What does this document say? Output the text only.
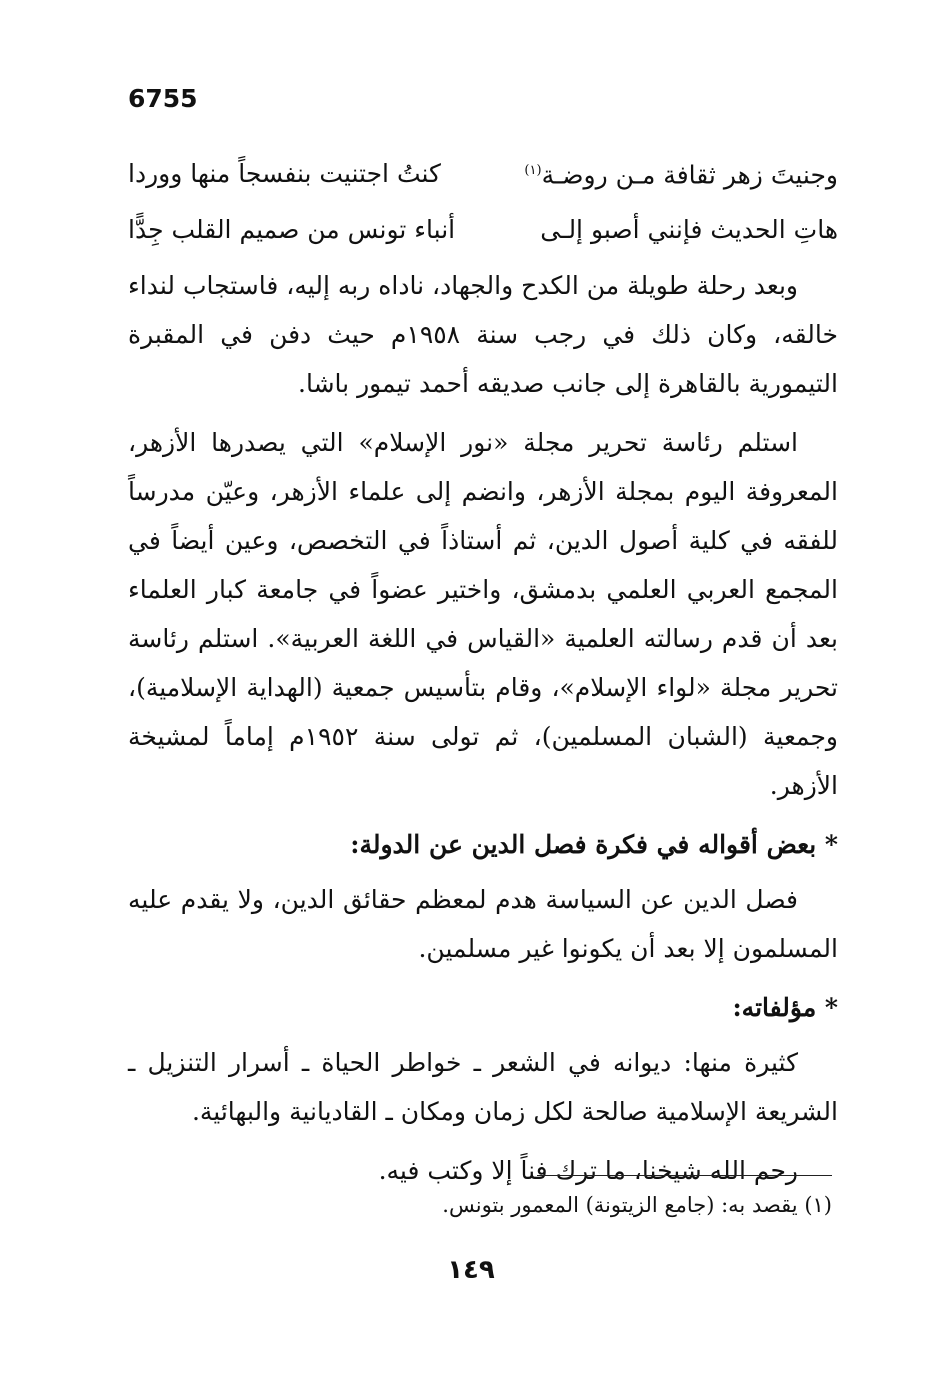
6755
وجنيتَ زهر ثقافة مـن روضـة$^{(١)}$
كنتُ اجتنيت بنفسجاً منها ووردا
هاتِ الحديث فإنني أصبو إلـى
أنباء تونس من صميم القلب جِدًّا

وبعد رحلة طويلة من الكدح والجهاد، ناداه ربه إليه، فاستجاب لنداء خالقه، وكان ذلك في رجب سنة ١٩٥٨م حيث دفن في المقبرة التيمورية بالقاهرة إلى جانب صديقه أحمد تيمور باشا.

استلم رئاسة تحرير مجلة «نور الإسلام» التي يصدرها الأزهر، المعروفة اليوم بمجلة الأزهر، وانضم إلى علماء الأزهر، وعيّن مدرساً للفقه في كلية أصول الدين، ثم أستاذاً في التخصص، وعين أيضاً في المجمع العربي العلمي بدمشق، واختير عضواً في جامعة كبار العلماء بعد أن قدم رسالته العلمية «القياس في اللغة العربية». استلم رئاسة تحرير مجلة «لواء الإسلام»، وقام بتأسيس جمعية (الهداية الإسلامية)، وجمعية (الشبان المسلمين)، ثم تولى سنة ١٩٥٢م إماماً لمشيخة الأزهر.

* بعض أقواله في فكرة فصل الدين عن الدولة:

فصل الدين عن السياسة هدم لمعظم حقائق الدين، ولا يقدم عليه المسلمون إلا بعد أن يكونوا غير مسلمين.

* مؤلفاته:

كثيرة منها: ديوانه في الشعر ـ خواطر الحياة ـ أسرار التنزيل ـ الشريعة الإسلامية صالحة لكل زمان ومكان ـ القاديانية والبهائية.

رحم الله شيخنا، ما ترك فناً إلا وكتب فيه.

(١) يقصد به: (جامع الزيتونة) المعمور بتونس.
١٤٩
